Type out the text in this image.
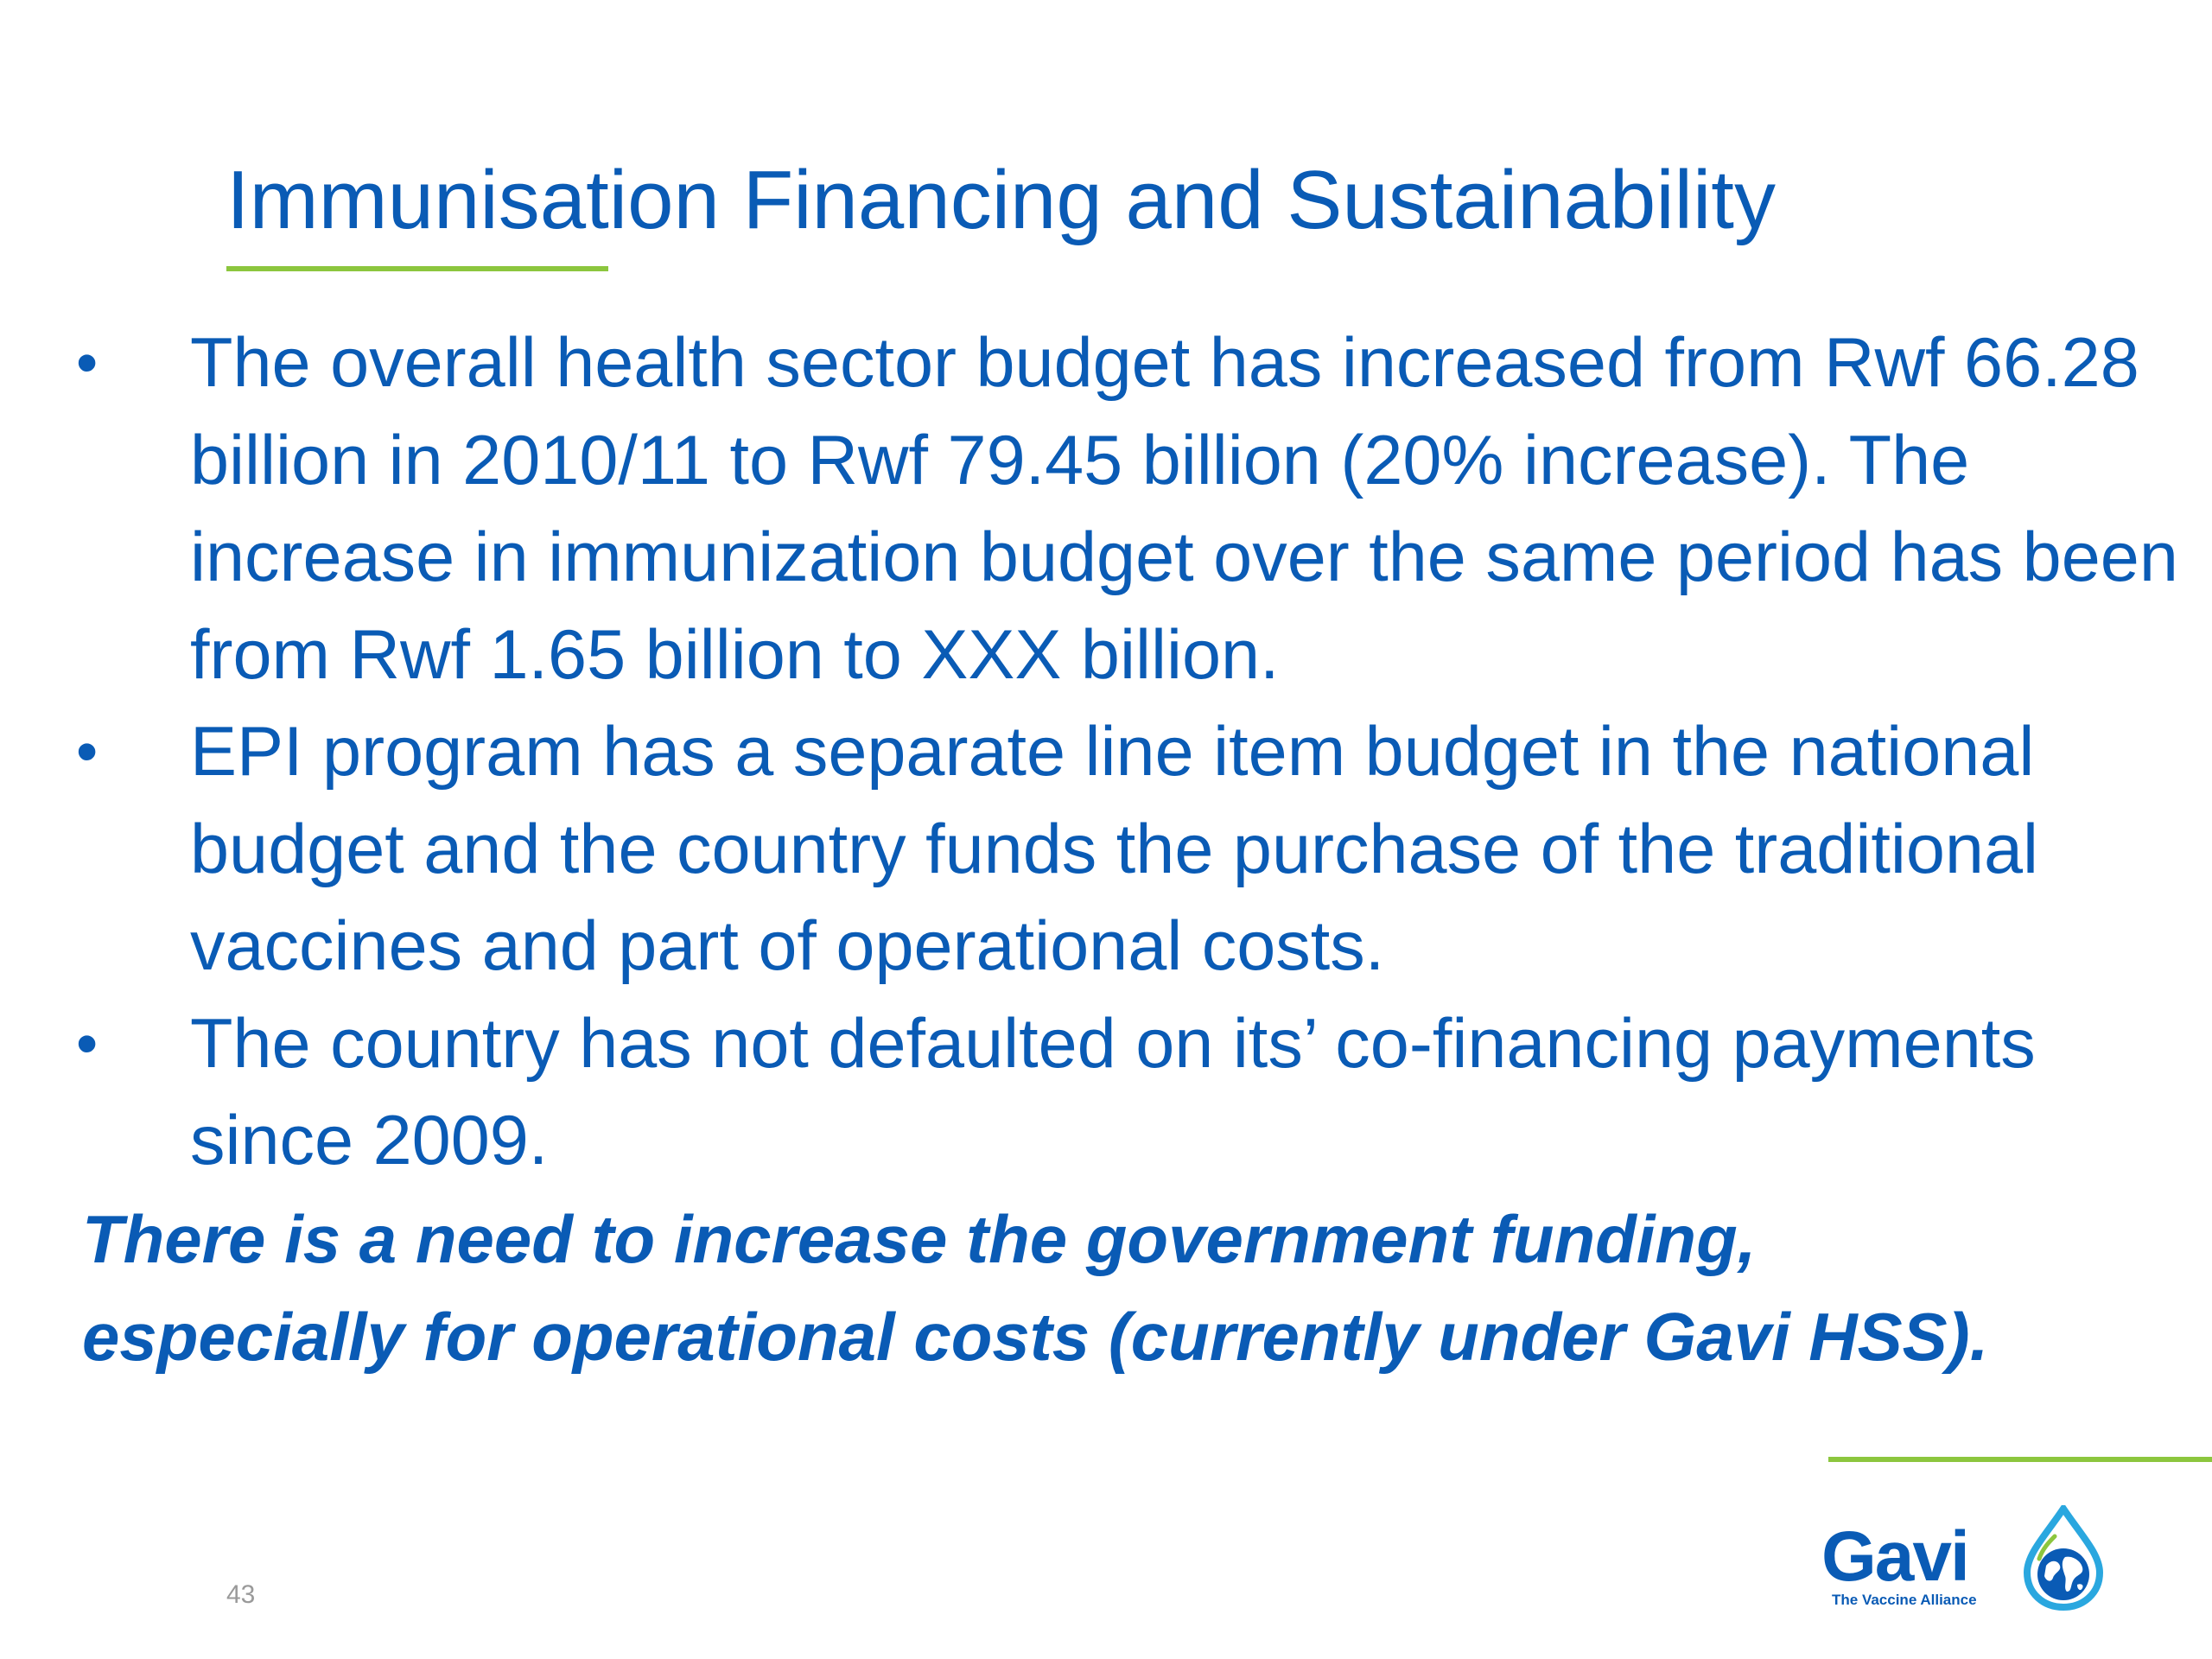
Immunisation Financing and Sustainability
• The overall health sector budget has increased from Rwf 66.28 billion in 2010/11 to Rwf 79.45 billion (20% increase). The increase in immunization budget over the same period has been from Rwf 1.65 billion to XXX billion.
• EPI program has a separate line item budget in the national budget and the country funds the purchase of the traditional vaccines and part of operational costs.
• The country has not defaulted on its’ co-financing payments since 2009.

There is a need to increase the government funding, especially for operational costs (currently under Gavi HSS).

43	Gavi
The Vaccine Alliance
